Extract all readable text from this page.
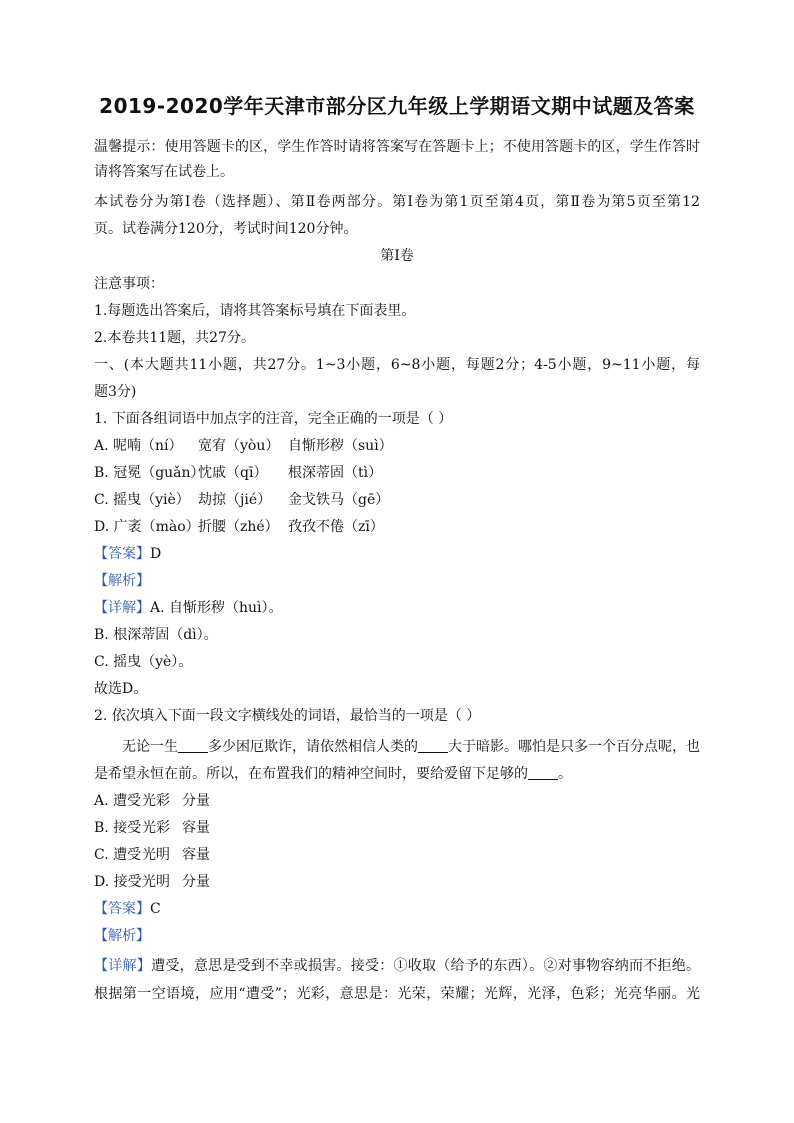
2019-2020学年天津市部分区九年级上学期语文期中试题及答案
温馨提示：使用答题卡的区，学生作答时请将答案写在答题卡上；不使用答题卡的区，学生作答时
请将答案写在试卷上。
本试卷分为第Ⅰ卷（选择题）、第Ⅱ卷两部分。第Ⅰ卷为第1页至第4页，第Ⅱ卷为第5页至第12
页。试卷满分120分，考试时间120分钟。
第Ⅰ卷
注意事项：
1.每题选出答案后，请将其答案标号填在下面表里。
2.本卷共11题，共27分。
一、(本大题共11小题，共27分。1~3小题，6~8小题，每题2分；4-5小题，9~11小题，每
题3分)
1. 下面各组词语中加点字的注音，完全正确的一项是（ ）
A. 呢喃（ní） 宽宥（yòu） 自惭形秽（suì）
B. 冠冕（guǎn）忱戚（qī） 根深蒂固（tì）
C. 摇曳（yiè） 劫掠（jié） 金戈铁马（gē）
D. 广袤（mào）折腰（zhé） 孜孜不倦（zī）
【答案】D
【解析】
【详解】A. 自惭形秽（huì）。
B. 根深蒂固（dì）。
C. 摇曳（yè）。
故选D。
2. 依次填入下面一段文字横线处的词语，最恰当的一项是（ ）
无论一生 多少困厄欺诈，请依然相信人类的 大于暗影。哪怕是只多一个百分点呢，也
是希望永恒在前。所以，在布置我们的精神空间时，要给爱留下足够的 。
A. 遭受光彩 分量
B. 接受光彩 容量
C. 遭受光明 容量
D. 接受光明 分量
【答案】C
【解析】
【详解】遭受，意思是受到不幸或损害。接受：①收取（给予的东西）。②对事物容纳而不拒绝。
根据第一空语境，应用“遭受”；光彩，意思是：光荣，荣耀；光辉，光泽，色彩；光亮华丽。光
